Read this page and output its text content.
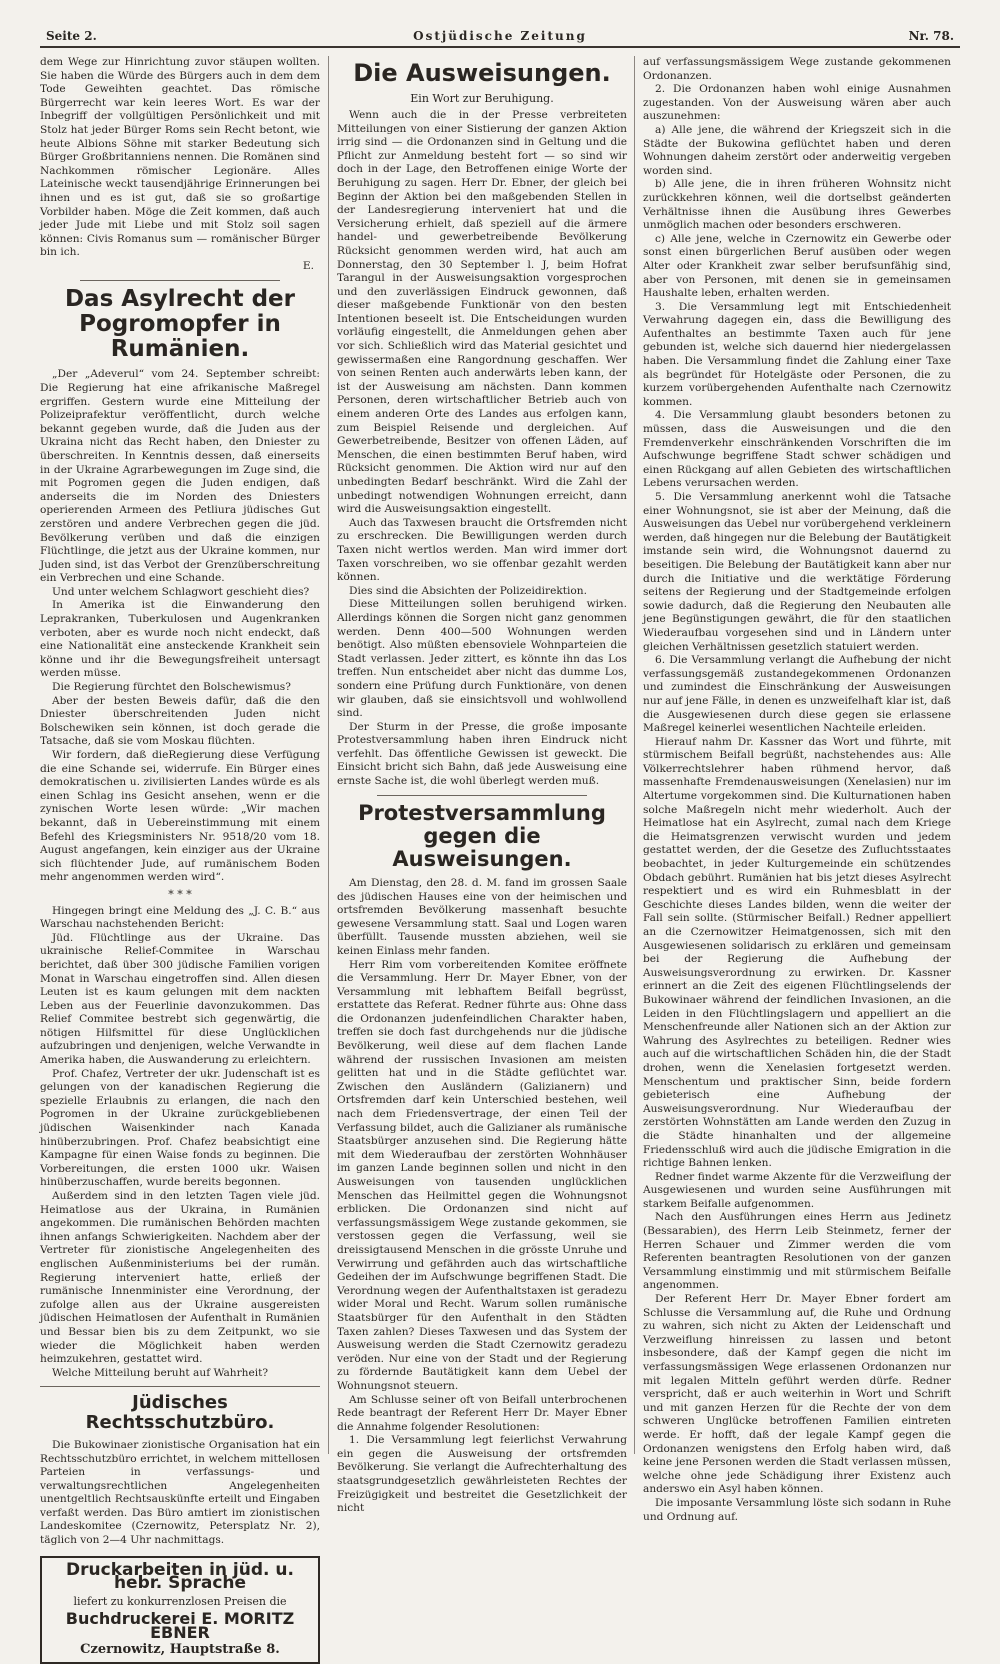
Seite 2.	Ostjüdische Zeitung	Nr. 78.

dem Wege zur Hinrichtung zuvor stäupen wollten. Sie haben die Würde des Bürgers auch in dem dem Tode Geweihten geachtet. Das römische Bürgerrecht war kein leeres Wort. Es war der Inbegriff der vollgültigen Persönlichkeit und mit Stolz hat jeder Bürger Roms sein Recht betont, wie heute Albions Söhne mit starker Bedeutung sich Bürger Großbritanniens nennen. Die Romänen sind Nachkommen römischer Legionäre. Alles Lateinische weckt tausendjährige Erinnerungen bei ihnen und es ist gut, daß sie so großartige Vorbilder haben. Möge die Zeit kommen, daß auch jeder Jude mit Liebe und mit Stolz soil sagen können: Civis Romanus sum — romänischer Bürger bin ich.

E.
Das Asylrecht der Pogromopfer in Rumänien.

„Der „Adeverul“ vom 24. September schreibt: Die Regierung hat eine afrikanische Maßregel ergriffen. Gestern wurde eine Mitteilung der Polizeiprafektur veröffentlicht, durch welche bekannt gegeben wurde, daß die Juden aus der Ukraina nicht das Recht haben, den Dniester zu überschreiten. In Kenntnis dessen, daß einerseits in der Ukraine Agrarbewegungen im Zuge sind, die mit Pogromen gegen die Juden endigen, daß anderseits die im Norden des Dniesters operierenden Armeen des Petliura jüdisches Gut zerstören und andere Verbrechen gegen die jüd. Bevölkerung verüben und daß die einzigen Flüchtlinge, die jetzt aus der Ukraine kommen, nur Juden sind, ist das Verbot der Grenzüberschreitung ein Verbrechen und eine Schande.

Und unter welchem Schlagwort geschieht dies?

In Amerika ist die Einwanderung den Leprakranken, Tuberkulosen und Augenkranken verboten, aber es wurde noch nicht endeckt, daß eine Nationalität eine ansteckende Krankheit sein könne und ihr die Bewegungsfreiheit untersagt werden müsse.

Die Regierung fürchtet den Bolschewismus?

Aber der besten Beweis dafür, daß die den Dniester überschreitenden Juden nicht Bolschewiken sein können, ist doch gerade die Tatsache, daß sie vom Moskau flüchten.

Wir fordern, daß dieRegierung diese Verfügung die eine Schande sei, widerrufe. Ein Bürger eines demokratischen u. zivilisierten Landes würde es als einen Schlag ins Gesicht ansehen, wenn er die zynischen Worte lesen würde: „Wir machen bekannt, daß in Uebereinstimmung mit einem Befehl des Kriegsministers Nr. 9518/20 vom 18. August angefangen, kein einziger aus der Ukraine sich flüchtender Jude, auf rumänischem Boden mehr angenommen werden wird“.

* * *

Hingegen bringt eine Meldung des „J. C. B.“ aus Warschau nachstehenden Bericht:

Jüd. Flüchtlinge aus der Ukraine. Das ukrainische Relief-Commitee in Warschau berichtet, daß über 300 jüdische Familien vorigen Monat in Warschau eingetroffen sind. Allen diesen Leuten ist es kaum gelungen mit dem nackten Leben aus der Feuerlinie davonzukommen. Das Relief Commitee bestrebt sich gegenwärtig, die nötigen Hilfsmittel für diese Unglücklichen aufzubringen und denjenigen, welche Verwandte in Amerika haben, die Auswanderung zu erleichtern.

Prof. Chafez, Vertreter der ukr. Judenschaft ist es gelungen von der kanadischen Regierung die spezielle Erlaubnis zu erlangen, die nach den Pogromen in der Ukraine zurückgebliebenen jüdischen Waisenkinder nach Kanada hinüberzubringen. Prof. Chafez beabsichtigt eine Kampagne für einen Waise fonds zu beginnen. Die Vorbereitungen, die ersten 1000 ukr. Waisen hinüberzuschaffen, wurde bereits begonnen.

Außerdem sind in den letzten Tagen viele jüd. Heimatlose aus der Ukraina, in Rumänien angekommen. Die rumänischen Behörden machten ihnen anfangs Schwierigkeiten. Nachdem aber der Vertreter für zionistische Angelegenheiten des englischen Außenministeriums bei der rumän. Regierung interveniert hatte, erließ der rumänische Innenminister eine Verordnung, der zufolge allen aus der Ukraine ausgereisten jüdischen Heimatlosen der Aufenthalt in Rumänien und Bessar bien bis zu dem Zeitpunkt, wo sie wieder die Möglichkeit haben werden heimzukehren, gestattet wird.

Welche Mitteilung beruht auf Wahrheit?

Jüdisches Rechtsschutzbüro.

Die Bukowinaer zionistische Organisation hat ein Rechtsschutzbüro errichtet, in welchem mittellosen Parteien in verfassungs- und verwaltungsrechtlichen Angelegenheiten unentgeltlich Rechtsauskünfte erteilt und Eingaben verfaßt werden. Das Büro amtiert im zionistischen Landeskomitee (Czernowitz, Petersplatz Nr. 2), täglich von 2—4 Uhr nachmittags.

Druckarbeiten in jüd. u. hebr. Sprache
liefert zu konkurrenzlosen Preisen die
Buchdruckerei E. MORITZ EBNER
Czernowitz, Hauptstraße 8.
Die Ausweisungen.
Ein Wort zur Beruhigung.

Wenn auch die in der Presse verbreiteten Mitteilungen von einer Sistierung der ganzen Aktion irrig sind — die Ordonanzen sind in Geltung und die Pflicht zur Anmeldung besteht fort — so sind wir doch in der Lage, den Betroffenen einige Worte der Beruhigung zu sagen. Herr Dr. Ebner, der gleich bei Beginn der Aktion bei den maßgebenden Stellen in der Landesregierung interveniert hat und die Versicherung erhielt, daß speziell auf die ärmere handel- und gewerbetreibende Bevölkerung Rücksicht genommen werden wird, hat auch am Donnerstag, den 30 September l. J, beim Hofrat Tarangul in der Ausweisungsaktion vorgesprochen und den zuverlässigen Eindruck gewonnen, daß dieser maßgebende Funktionär von den besten Intentionen beseelt ist. Die Entscheidungen wurden vorläufig eingestellt, die Anmeldungen gehen aber vor sich. Schließlich wird das Material gesichtet und gewissermaßen eine Rangordnung geschaffen. Wer von seinen Renten auch anderwärts leben kann, der ist der Ausweisung am nächsten. Dann kommen Personen, deren wirtschaftlicher Betrieb auch von einem anderen Orte des Landes aus erfolgen kann, zum Beispiel Reisende und dergleichen. Auf Gewerbetreibende, Besitzer von offenen Läden, auf Menschen, die einen bestimmten Beruf haben, wird Rücksicht genommen. Die Aktion wird nur auf den unbedingten Bedarf beschränkt. Wird die Zahl der unbedingt notwendigen Wohnungen erreicht, dann wird die Ausweisungsaktion eingestellt.

Auch das Taxwesen braucht die Ortsfremden nicht zu erschrecken. Die Bewilligungen werden durch Taxen nicht wertlos werden. Man wird immer dort Taxen vorschreiben, wo sie offenbar gezahlt werden können.

Dies sind die Absichten der Polizeidirektion.

Diese Mitteilungen sollen beruhigend wirken. Allerdings können die Sorgen nicht ganz genommen werden. Denn 400—500 Wohnungen werden benötigt. Also müßten ebensoviele Wohnparteien die Stadt verlassen. Jeder zittert, es könnte ihn das Los treffen. Nun entscheidet aber nicht das dumme Los, sondern eine Prüfung durch Funktionäre, von denen wir glauben, daß sie einsichtsvoll und wohlwollend sind.

Der Sturm in der Presse, die große imposante Protestversammlung haben ihren Eindruck nicht verfehlt. Das öffentliche Gewissen ist geweckt. Die Einsicht bricht sich Bahn, daß jede Ausweisung eine ernste Sache ist, die wohl überlegt werden muß.

Protestversammlung gegen die Ausweisungen.

Am Dienstag, den 28. d. M. fand im grossen Saale des jüdischen Hauses eine von der heimischen und ortsfremden Bevölkerung massenhaft besuchte gewesene Versammlung statt. Saal und Logen waren überfüllt. Tausende mussten abziehen, weil sie keinen Einlass mehr fanden.

Herr Rim vom vorbereitenden Komitee eröffnete die Versammlung. Herr Dr. Mayer Ebner, von der Versammlung mit lebhaftem Beifall begrüsst, erstattete das Referat. Redner führte aus: Ohne dass die Ordonanzen judenfeindlichen Charakter haben, treffen sie doch fast durchgehends nur die jüdische Bevölkerung, weil diese auf dem flachen Lande während der russischen Invasionen am meisten gelitten hat und in die Städte geflüchtet war. Zwischen den Ausländern (Galizianern) und Ortsfremden darf kein Unterschied bestehen, weil nach dem Friedensvertrage, der einen Teil der Verfassung bildet, auch die Galizianer als rumänische Staatsbürger anzusehen sind. Die Regierung hätte mit dem Wiederaufbau der zerstörten Wohnhäuser im ganzen Lande beginnen sollen und nicht in den Ausweisungen von tausenden unglücklichen Menschen das Heilmittel gegen die Wohnungsnot erblicken. Die Ordonanzen sind nicht auf verfassungsmässigem Wege zustande gekommen, sie verstossen gegen die Verfassung, weil sie dreissigtausend Menschen in die grösste Unruhe und Verwirrung und gefährden auch das wirtschaftliche Gedeihen der im Aufschwunge begriffenen Stadt. Die Verordnung wegen der Aufenthaltstaxen ist geradezu wider Moral und Recht. Warum sollen rumänische Staatsbürger für den Aufenthalt in den Städten Taxen zahlen? Dieses Taxwesen und das System der Ausweisung werden die Stadt Czernowitz geradezu veröden. Nur eine von der Stadt und der Regierung zu fördernde Bautätigkeit kann dem Uebel der Wohnungsnot steuern.

Am Schlusse seiner oft von Beifall unterbrochenen Rede beantragt der Referent Herr Dr. Mayer Ebner die Annahme folgender Resolutionen:

1. Die Versammlung legt feierlichst Verwahrung ein gegen die Ausweisung der ortsfremden Bevölkerung. Sie verlangt die Aufrechterhaltung des staatsgrundgesetzlich gewährleisteten Rechtes der Freizügigkeit und bestreitet die Gesetzlichkeit der nicht

auf verfassungsmässigem Wege zustande gekommenen Ordonanzen.

2. Die Ordonanzen haben wohl einige Ausnahmen zugestanden. Von der Ausweisung wären aber auch auszunehmen:

a) Alle jene, die während der Kriegszeit sich in die Städte der Bukowina geflüchtet haben und deren Wohnungen daheim zerstört oder anderweitig vergeben worden sind.

b) Alle jene, die in ihren früheren Wohnsitz nicht zurückkehren können, weil die dortselbst geänderten Verhältnisse ihnen die Ausübung ihres Gewerbes unmöglich machen oder besonders erschweren.

c) Alle jene, welche in Czernowitz ein Gewerbe oder sonst einen bürgerlichen Beruf ausüben oder wegen Alter oder Krankheit zwar selber berufsunfähig sind, aber von Personen, mit denen sie in gemeinsamen Haushalte leben, erhalten werden.

3. Die Versammlung legt mit Entschiedenheit Verwahrung dagegen ein, dass die Bewilligung des Aufenthaltes an bestimmte Taxen auch für jene gebunden ist, welche sich dauernd hier niedergelassen haben. Die Versammlung findet die Zahlung einer Taxe als begründet für Hotelgäste oder Personen, die zu kurzem vorübergehenden Aufenthalte nach Czernowitz kommen.

4. Die Versammlung glaubt besonders betonen zu müssen, dass die Ausweisungen und die den Fremdenverkehr einschränkenden Vorschriften die im Aufschwunge begriffene Stadt schwer schädigen und einen Rückgang auf allen Gebieten des wirtschaftlichen Lebens verursachen werden.

5. Die Versammlung anerkennt wohl die Tatsache einer Wohnungsnot, sie ist aber der Meinung, daß die Ausweisungen das Uebel nur vorübergehend verkleinern werden, daß hingegen nur die Belebung der Bautätigkeit imstande sein wird, die Wohnungsnot dauernd zu beseitigen. Die Belebung der Bautätigkeit kann aber nur durch die Initiative und die werktätige Förderung seitens der Regierung und der Stadtgemeinde erfolgen sowie dadurch, daß die Regierung den Neubauten alle jene Begünstigungen gewährt, die für den staatlichen Wiederaufbau vorgesehen sind und in Ländern unter gleichen Verhältnissen gesetzlich statuiert werden.

6. Die Versammlung verlangt die Aufhebung der nicht verfassungsgemäß zustandegekommenen Ordonanzen und zumindest die Einschränkung der Ausweisungen nur auf jene Fälle, in denen es unzweifelhaft klar ist, daß die Ausgewiesenen durch diese gegen sie erlassene Maßregel keinerlei wesentlichen Nachteile erleiden.

Hierauf nahm Dr. Kassner das Wort und führte, mit stürmischem Beifall begrüßt, nachstehendes aus: Alle Völkerrechtslehrer haben rühmend hervor, daß massenhafte Fremdenausweisungen (Xenelasien) nur im Altertume vorgekommen sind. Die Kulturnationen haben solche Maßregeln nicht mehr wiederholt. Auch der Heimatlose hat ein Asylrecht, zumal nach dem Kriege die Heimatsgrenzen verwischt wurden und jedem gestattet werden, der die Gesetze des Zufluchtsstaates beobachtet, in jeder Kulturgemeinde ein schützendes Obdach gebührt. Rumänien hat bis jetzt dieses Asylrecht respektiert und es wird ein Ruhmesblatt in der Geschichte dieses Landes bilden, wenn die weiter der Fall sein sollte. (Stürmischer Beifall.) Redner appelliert an die Czernowitzer Heimatgenossen, sich mit den Ausgewiesenen solidarisch zu erklären und gemeinsam bei der Regierung die Aufhebung der Ausweisungsverordnung zu erwirken. Dr. Kassner erinnert an die Zeit des eigenen Flüchtlingselends der Bukowinaer während der feindlichen Invasionen, an die Leiden in den Flüchtlingslagern und appelliert an die Menschenfreunde aller Nationen sich an der Aktion zur Wahrung des Asylrechtes zu beteiligen. Redner wies auch auf die wirtschaftlichen Schäden hin, die der Stadt drohen, wenn die Xenelasien fortgesetzt werden. Menschentum und praktischer Sinn, beide fordern gebieterisch eine Aufhebung der Ausweisungsverordnung. Nur Wiederaufbau der zerstörten Wohnstätten am Lande werden den Zuzug in die Städte hinanhalten und der allgemeine Friedensschluß wird auch die jüdische Emigration in die richtige Bahnen lenken.

Redner findet warme Akzente für die Verzweiflung der Ausgewiesenen und wurden seine Ausführungen mit starkem Beifalle aufgenommen.

Nach den Ausführungen eines Herrn aus Jedinetz (Bessarabien), des Herrn Leib Steinmetz, ferner der Herren Schauer und Zimmer werden die vom Referenten beantragten Resolutionen von der ganzen Versammlung einstimmig und mit stürmischem Beifalle angenommen.

Der Referent Herr Dr. Mayer Ebner fordert am Schlusse die Versammlung auf, die Ruhe und Ordnung zu wahren, sich nicht zu Akten der Leidenschaft und Verzweiflung hinreissen zu lassen und betont insbesondere, daß der Kampf gegen die nicht im verfassungsmässigen Wege erlassenen Ordonanzen nur mit legalen Mitteln geführt werden dürfe. Redner verspricht, daß er auch weiterhin in Wort und Schrift und mit ganzen Herzen für die Rechte der von dem schweren Unglücke betroffenen Familien eintreten werde. Er hofft, daß der legale Kampf gegen die Ordonanzen wenigstens den Erfolg haben wird, daß keine jene Personen werden die Stadt verlassen müssen, welche ohne jede Schädigung ihrer Existenz auch anderswo ein Asyl haben können.

Die imposante Versammlung löste sich sodann in Ruhe und Ordnung auf.
